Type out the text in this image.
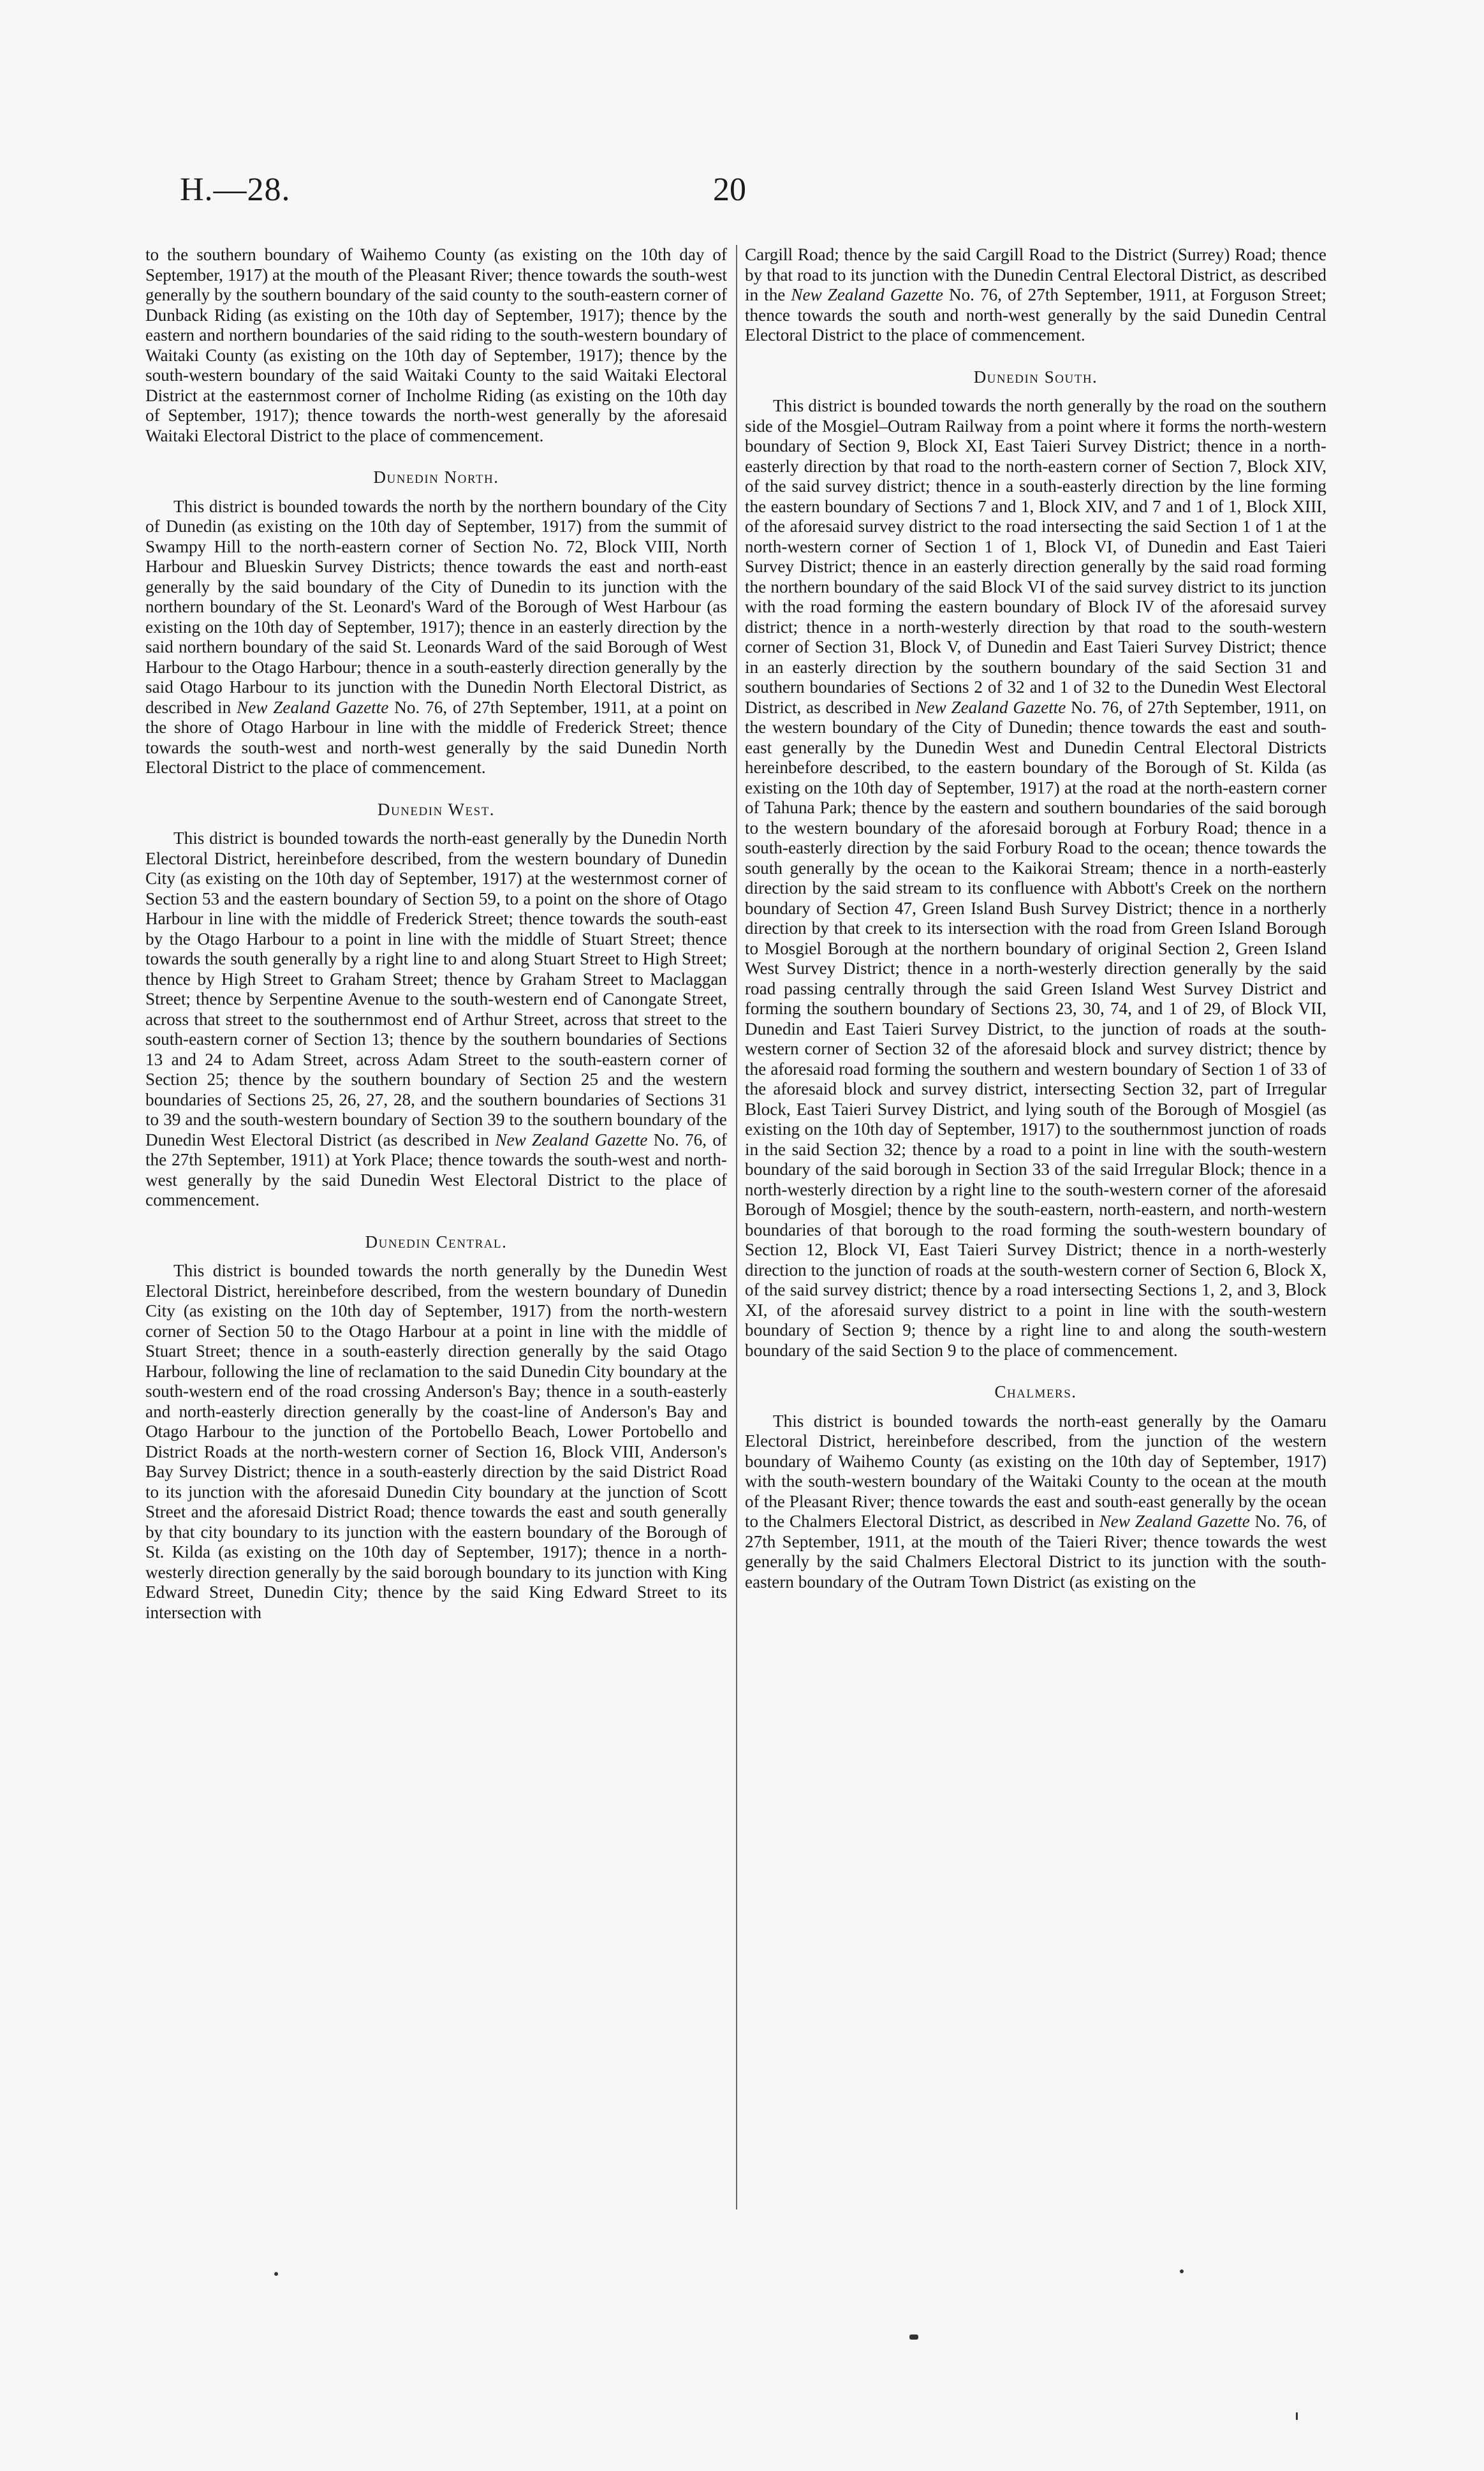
H.—28.	20

to the southern boundary of Waihemo County (as existing on the 10th day of September, 1917) at the mouth of the Pleasant River; thence towards the south-west generally by the southern boundary of the said county to the south-eastern corner of Dunback Riding (as existing on the 10th day of September, 1917); thence by the eastern and northern boundaries of the said riding to the south-western boundary of Waitaki County (as existing on the 10th day of September, 1917); thence by the south-western boundary of the said Waitaki County to the said Waitaki Electoral District at the easternmost corner of Incholme Riding (as existing on the 10th day of September, 1917); thence towards the north-west generally by the aforesaid Waitaki Electoral District to the place of commencement.

Dunedin North.

This district is bounded towards the north by the northern boundary of the City of Dunedin (as existing on the 10th day of September, 1917) from the summit of Swampy Hill to the north-eastern corner of Section No. 72, Block VIII, North Harbour and Blueskin Survey Districts; thence towards the east and north-east generally by the said boundary of the City of Dunedin to its junction with the northern boundary of the St. Leonard's Ward of the Borough of West Harbour (as existing on the 10th day of September, 1917); thence in an easterly direction by the said northern boundary of the said St. Leonards Ward of the said Borough of West Harbour to the Otago Harbour; thence in a south-easterly direction generally by the said Otago Harbour to its junction with the Dunedin North Electoral District, as described in New Zealand Gazette No. 76, of 27th September, 1911, at a point on the shore of Otago Harbour in line with the middle of Frederick Street; thence towards the south-west and north-west generally by the said Dunedin North Electoral District to the place of commencement.

Dunedin West.

This district is bounded towards the north-east generally by the Dunedin North Electoral District, hereinbefore described, from the western boundary of Dunedin City (as existing on the 10th day of September, 1917) at the westernmost corner of Section 53 and the eastern boundary of Section 59, to a point on the shore of Otago Harbour in line with the middle of Frederick Street; thence towards the south-east by the Otago Harbour to a point in line with the middle of Stuart Street; thence towards the south generally by a right line to and along Stuart Street to High Street; thence by High Street to Graham Street; thence by Graham Street to Maclaggan Street; thence by Serpentine Avenue to the south-western end of Canongate Street, across that street to the southernmost end of Arthur Street, across that street to the south-eastern corner of Section 13; thence by the southern boundaries of Sections 13 and 24 to Adam Street, across Adam Street to the south-eastern corner of Section 25; thence by the southern boundary of Section 25 and the western boundaries of Sections 25, 26, 27, 28, and the southern boundaries of Sections 31 to 39 and the south-western boundary of Section 39 to the southern boundary of the Dunedin West Electoral District (as described in New Zealand Gazette No. 76, of the 27th September, 1911) at York Place; thence towards the south-west and north-west generally by the said Dunedin West Electoral District to the place of commencement.

Dunedin Central.

This district is bounded towards the north generally by the Dunedin West Electoral District, hereinbefore described, from the western boundary of Dunedin City (as existing on the 10th day of September, 1917) from the north-western corner of Section 50 to the Otago Harbour at a point in line with the middle of Stuart Street; thence in a south-easterly direction generally by the said Otago Harbour, following the line of reclamation to the said Dunedin City boundary at the south-western end of the road crossing Anderson's Bay; thence in a south-easterly and north-easterly direction generally by the coast-line of Anderson's Bay and Otago Harbour to the junction of the Portobello Beach, Lower Portobello and District Roads at the north-western corner of Section 16, Block VIII, Anderson's Bay Survey District; thence in a south-easterly direction by the said District Road to its junction with the aforesaid Dunedin City boundary at the junction of Scott Street and the aforesaid District Road; thence towards the east and south generally by that city boundary to its junction with the eastern boundary of the Borough of St. Kilda (as existing on the 10th day of September, 1917); thence in a north-westerly direction generally by the said borough boundary to its junction with King Edward Street, Dunedin City; thence by the said King Edward Street to its intersection with

Cargill Road; thence by the said Cargill Road to the District (Surrey) Road; thence by that road to its junction with the Dunedin Central Electoral District, as described in the New Zealand Gazette No. 76, of 27th September, 1911, at Forguson Street; thence towards the south and north-west generally by the said Dunedin Central Electoral District to the place of commencement.

Dunedin South.

This district is bounded towards the north generally by the road on the southern side of the Mosgiel–Outram Railway from a point where it forms the north-western boundary of Section 9, Block XI, East Taieri Survey District; thence in a north-easterly direction by that road to the north-eastern corner of Section 7, Block XIV, of the said survey district; thence in a south-easterly direction by the line forming the eastern boundary of Sections 7 and 1, Block XIV, and 7 and 1 of 1, Block XIII, of the aforesaid survey district to the road intersecting the said Section 1 of 1 at the north-western corner of Section 1 of 1, Block VI, of Dunedin and East Taieri Survey District; thence in an easterly direction generally by the said road forming the northern boundary of the said Block VI of the said survey district to its junction with the road forming the eastern boundary of Block IV of the aforesaid survey district; thence in a north-westerly direction by that road to the south-western corner of Section 31, Block V, of Dunedin and East Taieri Survey District; thence in an easterly direction by the southern boundary of the said Section 31 and southern boundaries of Sections 2 of 32 and 1 of 32 to the Dunedin West Electoral District, as described in New Zealand Gazette No. 76, of 27th September, 1911, on the western boundary of the City of Dunedin; thence towards the east and south-east generally by the Dunedin West and Dunedin Central Electoral Districts hereinbefore described, to the eastern boundary of the Borough of St. Kilda (as existing on the 10th day of September, 1917) at the road at the north-eastern corner of Tahuna Park; thence by the eastern and southern boundaries of the said borough to the western boundary of the aforesaid borough at Forbury Road; thence in a south-easterly direction by the said Forbury Road to the ocean; thence towards the south generally by the ocean to the Kaikorai Stream; thence in a north-easterly direction by the said stream to its confluence with Abbott's Creek on the northern boundary of Section 47, Green Island Bush Survey District; thence in a northerly direction by that creek to its intersection with the road from Green Island Borough to Mosgiel Borough at the northern boundary of original Section 2, Green Island West Survey District; thence in a north-westerly direction generally by the said road passing centrally through the said Green Island West Survey District and forming the southern boundary of Sections 23, 30, 74, and 1 of 29, of Block VII, Dunedin and East Taieri Survey District, to the junction of roads at the south-western corner of Section 32 of the aforesaid block and survey district; thence by the aforesaid road forming the southern and western boundary of Section 1 of 33 of the aforesaid block and survey district, intersecting Section 32, part of Irregular Block, East Taieri Survey District, and lying south of the Borough of Mosgiel (as existing on the 10th day of September, 1917) to the southernmost junction of roads in the said Section 32; thence by a road to a point in line with the south-western boundary of the said borough in Section 33 of the said Irregular Block; thence in a north-westerly direction by a right line to the south-western corner of the aforesaid Borough of Mosgiel; thence by the south-eastern, north-eastern, and north-western boundaries of that borough to the road forming the south-western boundary of Section 12, Block VI, East Taieri Survey District; thence in a north-westerly direction to the junction of roads at the south-western corner of Section 6, Block X, of the said survey district; thence by a road intersecting Sections 1, 2, and 3, Block XI, of the aforesaid survey district to a point in line with the south-western boundary of Section 9; thence by a right line to and along the south-western boundary of the said Section 9 to the place of commencement.

Chalmers.

This district is bounded towards the north-east generally by the Oamaru Electoral District, hereinbefore described, from the junction of the western boundary of Waihemo County (as existing on the 10th day of September, 1917) with the south-western boundary of the Waitaki County to the ocean at the mouth of the Pleasant River; thence towards the east and south-east generally by the ocean to the Chalmers Electoral District, as described in New Zealand Gazette No. 76, of 27th September, 1911, at the mouth of the Taieri River; thence towards the west generally by the said Chalmers Electoral District to its junction with the south-eastern boundary of the Outram Town District (as existing on the
